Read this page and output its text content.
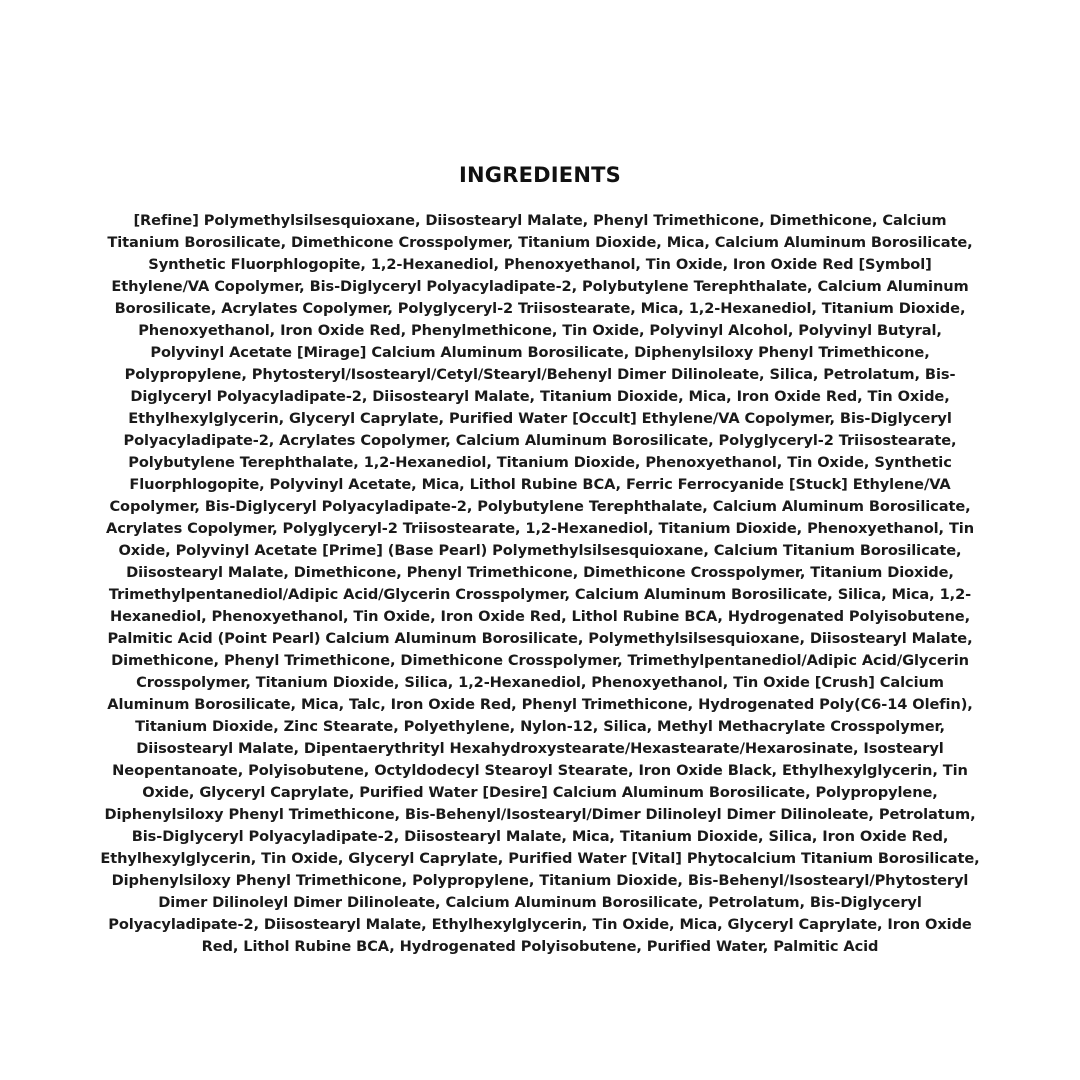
INGREDIENTS

[Refine] Polymethylsilsesquioxane, Diisostearyl Malate, Phenyl Trimethicone, Dimethicone, Calcium Titanium Borosilicate, Dimethicone Crosspolymer, Titanium Dioxide, Mica, Calcium Aluminum Borosilicate, Synthetic Fluorphlogopite, 1,2-Hexanediol, Phenoxyethanol, Tin Oxide, Iron Oxide Red [Symbol] Ethylene/VA Copolymer, Bis-Diglyceryl Polyacyladipate-2, Polybutylene Terephthalate, Calcium Aluminum Borosilicate, Acrylates Copolymer, Polyglyceryl-2 Triisostearate, Mica, 1,2-Hexanediol, Titanium Dioxide, Phenoxyethanol, Iron Oxide Red, Phenylmethicone, Tin Oxide, Polyvinyl Alcohol, Polyvinyl Butyral, Polyvinyl Acetate [Mirage] Calcium Aluminum Borosilicate, Diphenylsiloxy Phenyl Trimethicone, Polypropylene, Phytosteryl/Isostearyl/Cetyl/Stearyl/Behenyl Dimer Dilinoleate, Silica, Petrolatum, Bis-Diglyceryl Polyacyladipate-2, Diisostearyl Malate, Titanium Dioxide, Mica, Iron Oxide Red, Tin Oxide, Ethylhexylglycerin, Glyceryl Caprylate, Purified Water [Occult] Ethylene/VA Copolymer, Bis-Diglyceryl Polyacyladipate-2, Acrylates Copolymer, Calcium Aluminum Borosilicate, Polyglyceryl-2 Triisostearate, Polybutylene Terephthalate, 1,2-Hexanediol, Titanium Dioxide, Phenoxyethanol, Tin Oxide, Synthetic Fluorphlogopite, Polyvinyl Acetate, Mica, Lithol Rubine BCA, Ferric Ferrocyanide [Stuck] Ethylene/VA Copolymer, Bis-Diglyceryl Polyacyladipate-2, Polybutylene Terephthalate, Calcium Aluminum Borosilicate, Acrylates Copolymer, Polyglyceryl-2 Triisostearate, 1,2-Hexanediol, Titanium Dioxide, Phenoxyethanol, Tin Oxide, Polyvinyl Acetate [Prime] (Base Pearl) Polymethylsilsesquioxane, Calcium Titanium Borosilicate, Diisostearyl Malate, Dimethicone, Phenyl Trimethicone, Dimethicone Crosspolymer, Titanium Dioxide, Trimethylpentanediol/Adipic Acid/Glycerin Crosspolymer, Calcium Aluminum Borosilicate, Silica, Mica, 1,2-Hexanediol, Phenoxyethanol, Tin Oxide, Iron Oxide Red, Lithol Rubine BCA, Hydrogenated Polyisobutene, Palmitic Acid (Point Pearl) Calcium Aluminum Borosilicate, Polymethylsilsesquioxane, Diisostearyl Malate, Dimethicone, Phenyl Trimethicone, Dimethicone Crosspolymer, Trimethylpentanediol/Adipic Acid/Glycerin Crosspolymer, Titanium Dioxide, Silica, 1,2-Hexanediol, Phenoxyethanol, Tin Oxide [Crush] Calcium Aluminum Borosilicate, Mica, Talc, Iron Oxide Red, Phenyl Trimethicone, Hydrogenated Poly(C6-14 Olefin), Titanium Dioxide, Zinc Stearate, Polyethylene, Nylon-12, Silica, Methyl Methacrylate Crosspolymer, Diisostearyl Malate, Dipentaerythrityl Hexahydroxystearate/Hexastearate/Hexarosinate, Isostearyl Neopentanoate, Polyisobutene, Octyldodecyl Stearoyl Stearate, Iron Oxide Black, Ethylhexylglycerin, Tin Oxide, Glyceryl Caprylate, Purified Water [Desire] Calcium Aluminum Borosilicate, Polypropylene, Diphenylsiloxy Phenyl Trimethicone, Bis-Behenyl/Isostearyl/Dimer Dilinoleyl Dimer Dilinoleate, Petrolatum, Bis-Diglyceryl Polyacyladipate-2, Diisostearyl Malate, Mica, Titanium Dioxide, Silica, Iron Oxide Red, Ethylhexylglycerin, Tin Oxide, Glyceryl Caprylate, Purified Water [Vital] Phytocalcium Titanium Borosilicate, Diphenylsiloxy Phenyl Trimethicone, Polypropylene, Titanium Dioxide, Bis-Behenyl/Isostearyl/Phytosteryl Dimer Dilinoleyl Dimer Dilinoleate, Calcium Aluminum Borosilicate, Petrolatum, Bis-Diglyceryl Polyacyladipate-2, Diisostearyl Malate, Ethylhexylglycerin, Tin Oxide, Mica, Glyceryl Caprylate, Iron Oxide Red, Lithol Rubine BCA, Hydrogenated Polyisobutene, Purified Water, Palmitic Acid
